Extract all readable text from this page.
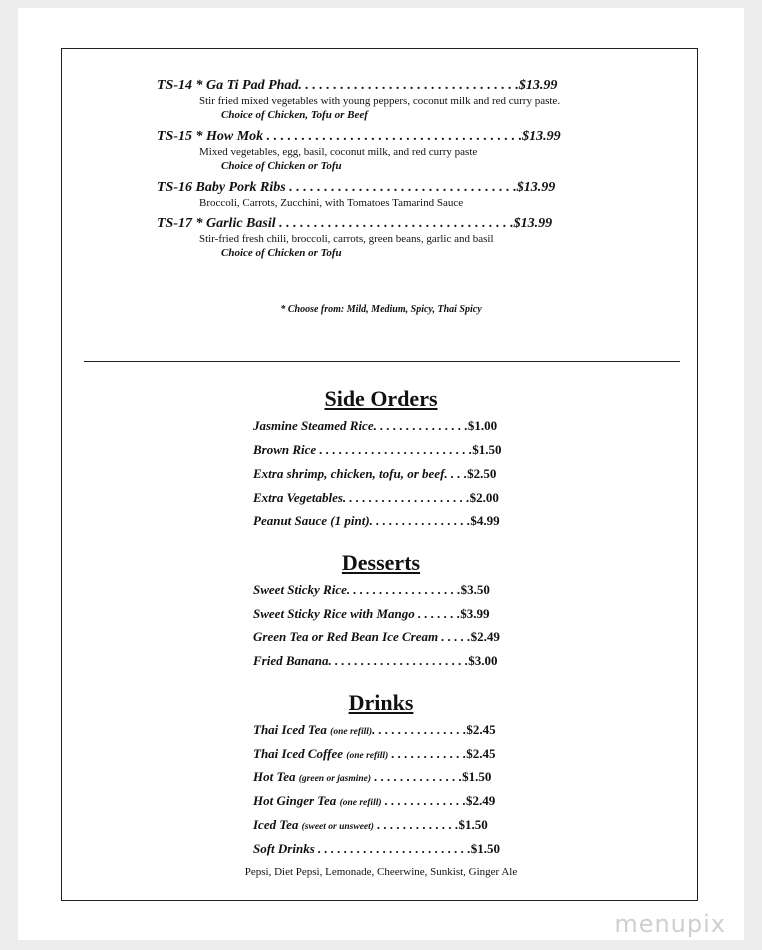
TS-14 * Ga Ti Pad Phad. . . . . . . . . . . . . . . . . . . . . . . . . . . . . . . .$13.99
Stir fried mixed vegetables with young peppers, coconut milk and red curry paste.
Choice of Chicken, Tofu or Beef
TS-15 * How Mok . . . . . . . . . . . . . . . . . . . . . . . . . . . . . . . . . . . . .$13.99
Mixed vegetables, egg, basil, coconut milk, and red curry paste
Choice of Chicken or Tofu
TS-16 Baby Pork Ribs . . . . . . . . . . . . . . . . . . . . . . . . . . . . . . . . .$13.99
Broccoli, Carrots, Zucchini, with Tomatoes Tamarind Sauce
TS-17 * Garlic Basil . . . . . . . . . . . . . . . . . . . . . . . . . . . . . . . . . .$13.99
Stir-fried fresh chili, broccoli, carrots, green beans, garlic and basil
Choice of Chicken or Tofu
* Choose from: Mild, Medium, Spicy, Thai Spicy
Side Orders
Jasmine Steamed Rice. . . . . . . . . . . . . . .$1.00
Brown Rice . . . . . . . . . . . . . . . . . . . . . . . .$1.50
Extra shrimp, chicken, tofu, or beef. . . .$2.50
Extra Vegetables. . . . . . . . . . . . . . . . . . . .$2.00
Peanut Sauce (1 pint). . . . . . . . . . . . . . . .$4.99
Desserts
Sweet Sticky Rice. . . . . . . . . . . . . . . . . .$3.50
Sweet Sticky Rice with Mango . . . . . . .$3.99
Green Tea or Red Bean Ice Cream . . . . .$2.49
Fried Banana. . . . . . . . . . . . . . . . . . . . . .$3.00
Drinks
Thai Iced Tea (one refill). . . . . . . . . . . . . . .$2.45
Thai Iced Coffee (one refill) . . . . . . . . . . . .$2.45
Hot Tea (green or jasmine) . . . . . . . . . . . . . .$1.50
Hot Ginger Tea (one refill) . . . . . . . . . . . . .$2.49
Iced Tea (sweet or unsweet) . . . . . . . . . . . . .$1.50
Soft Drinks . . . . . . . . . . . . . . . . . . . . . . . .$1.50
Pepsi, Diet Pepsi, Lemonade, Cheerwine, Sunkist, Ginger Ale
menupix
